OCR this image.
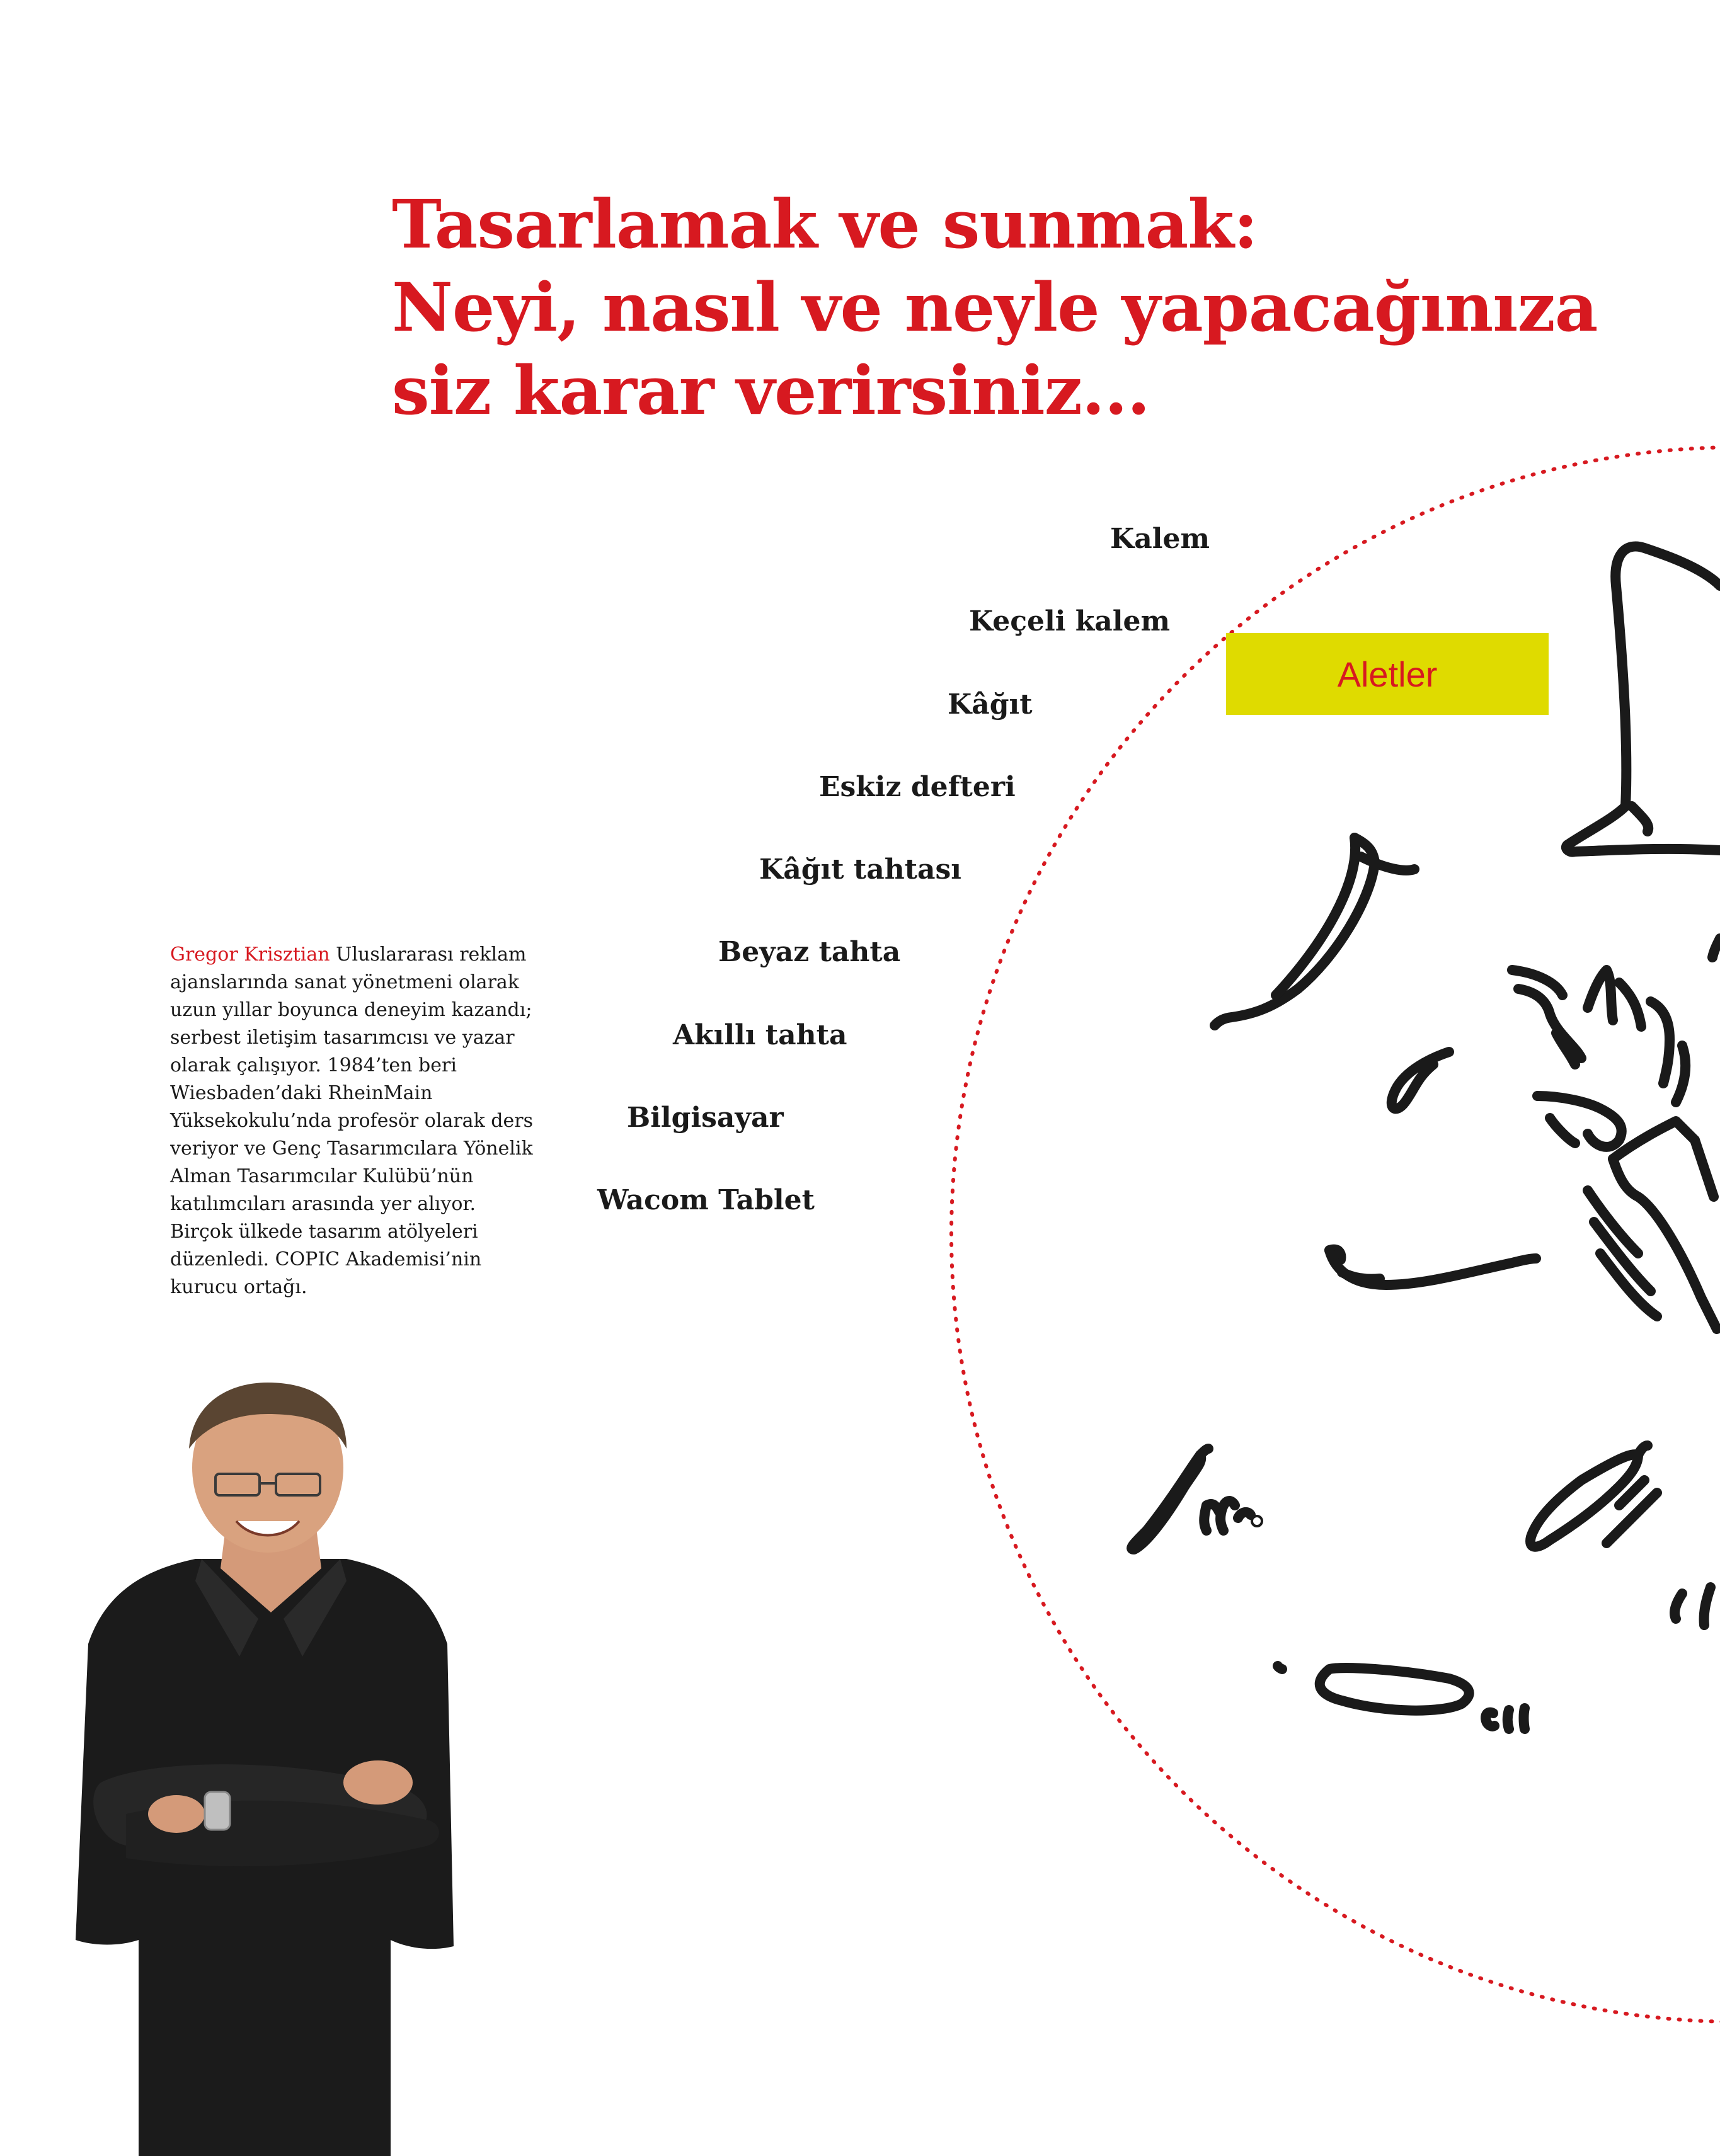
Tasarlamak ve sunmak:
Neyi, nasıl ve neyle yapacağınıza
siz karar verirsiniz...
Kalem
Keçeli kalem
Kâğıt
Eskiz defteri
Kâğıt tahtası
Beyaz tahta
Akıllı tahta
Bilgisayar
Wacom Tablet
Aletler
Gregor Krisztian Uluslararası reklam ajanslarında sanat yönetmeni olarak uzun yıllar boyunca deneyim kazandı; serbest iletişim tasarımcısı ve yazar olarak çalışıyor. 1984’ten beri Wiesbaden’daki RheinMain Yüksekokulu’nda profesör olarak ders veriyor ve Genç Tasarımcılara Yönelik Alman Tasarımcılar Kulübü’nün katılımcıları arasında yer alıyor. Birçok ülkede tasarım atölyeleri düzenledi. COPIC Akademisi’nin kurucu ortağı.
